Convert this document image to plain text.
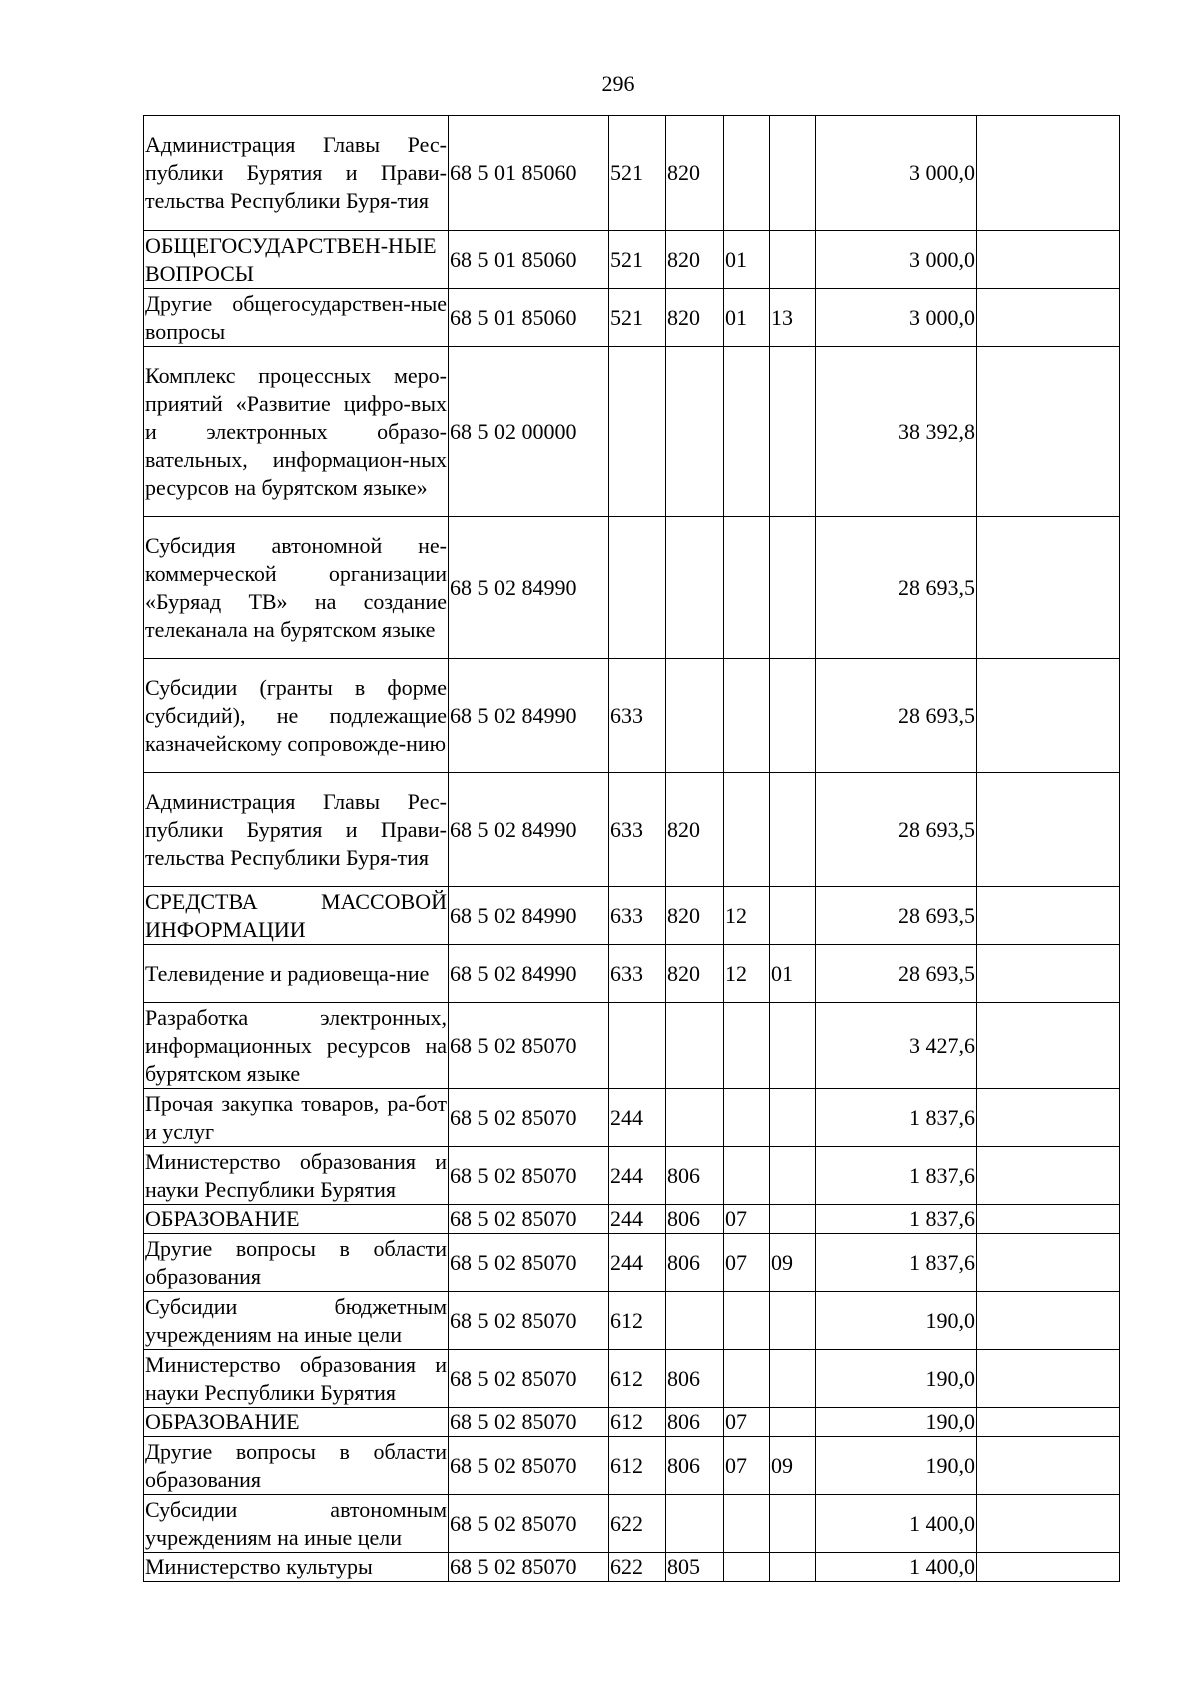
296
Администрация Главы Рес-публики Бурятия и Прави-тельства Республики Буря-тия	68 5 01 85060	521	820			3 000,0	
ОБЩЕГОСУДАРСТВЕН-НЫЕ ВОПРОСЫ	68 5 01 85060	521	820	01		3 000,0	
Другие общегосударствен-ные вопросы	68 5 01 85060	521	820	01	13	3 000,0	
Комплекс процессных меро-приятий «Развитие цифро-вых и электронных образо-вательных, информацион-ных ресурсов на бурятском языке»	68 5 02 00000					38 392,8	
Субсидия автономной не-коммерческой организации «Буряад ТВ» на создание телеканала на бурятском языке	68 5 02 84990					28 693,5	
Субсидии (гранты в форме субсидий), не подлежащие казначейскому сопровожде-нию	68 5 02 84990	633				28 693,5	
Администрация Главы Рес-публики Бурятия и Прави-тельства Республики Буря-тия	68 5 02 84990	633	820			28 693,5	
СРЕДСТВА МАССОВОЙ ИНФОРМАЦИИ	68 5 02 84990	633	820	12		28 693,5	
Телевидение и радиовеща-ние	68 5 02 84990	633	820	12	01	28 693,5	
Разработка электронных, информационных ресурсов на бурятском языке	68 5 02 85070					3 427,6	
Прочая закупка товаров, ра-бот и услуг	68 5 02 85070	244				1 837,6	
Министерство образования и науки Республики Бурятия	68 5 02 85070	244	806			1 837,6	
ОБРАЗОВАНИЕ	68 5 02 85070	244	806	07		1 837,6	
Другие вопросы в области образования	68 5 02 85070	244	806	07	09	1 837,6	
Субсидии бюджетным учреждениям на иные цели	68 5 02 85070	612				190,0	
Министерство образования и науки Республики Бурятия	68 5 02 85070	612	806			190,0	
ОБРАЗОВАНИЕ	68 5 02 85070	612	806	07		190,0	
Другие вопросы в области образования	68 5 02 85070	612	806	07	09	190,0	
Субсидии автономным учреждениям на иные цели	68 5 02 85070	622				1 400,0	
Министерство культуры	68 5 02 85070	622	805			1 400,0	
